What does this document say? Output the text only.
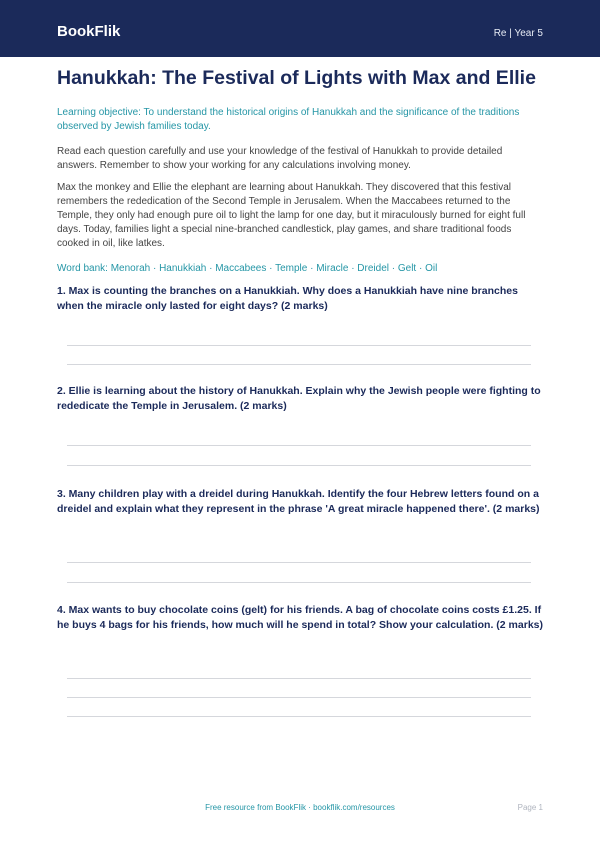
BookFlik	Re | Year 5
Hanukkah: The Festival of Lights with Max and Ellie
Learning objective: To understand the historical origins of Hanukkah and the significance of the traditions observed by Jewish families today.
Read each question carefully and use your knowledge of the festival of Hanukkah to provide detailed answers. Remember to show your working for any calculations involving money.
Max the monkey and Ellie the elephant are learning about Hanukkah. They discovered that this festival remembers the rededication of the Second Temple in Jerusalem. When the Maccabees returned to the Temple, they only had enough pure oil to light the lamp for one day, but it miraculously burned for eight full days. Today, families light a special nine-branched candlestick, play games, and share traditional foods cooked in oil, like latkes.
Word bank: Menorah · Hanukkiah · Maccabees · Temple · Miracle · Dreidel · Gelt · Oil
1. Max is counting the branches on a Hanukkiah. Why does a Hanukkiah have nine branches when the miracle only lasted for eight days? (2 marks)
2. Ellie is learning about the history of Hanukkah. Explain why the Jewish people were fighting to rededicate the Temple in Jerusalem. (2 marks)
3. Many children play with a dreidel during Hanukkah. Identify the four Hebrew letters found on a dreidel and explain what they represent in the phrase 'A great miracle happened there'. (2 marks)
4. Max wants to buy chocolate coins (gelt) for his friends. A bag of chocolate coins costs £1.25. If he buys 4 bags for his friends, how much will he spend in total? Show your calculation. (2 marks)
Free resource from BookFlik · bookflik.com/resources	Page 1
